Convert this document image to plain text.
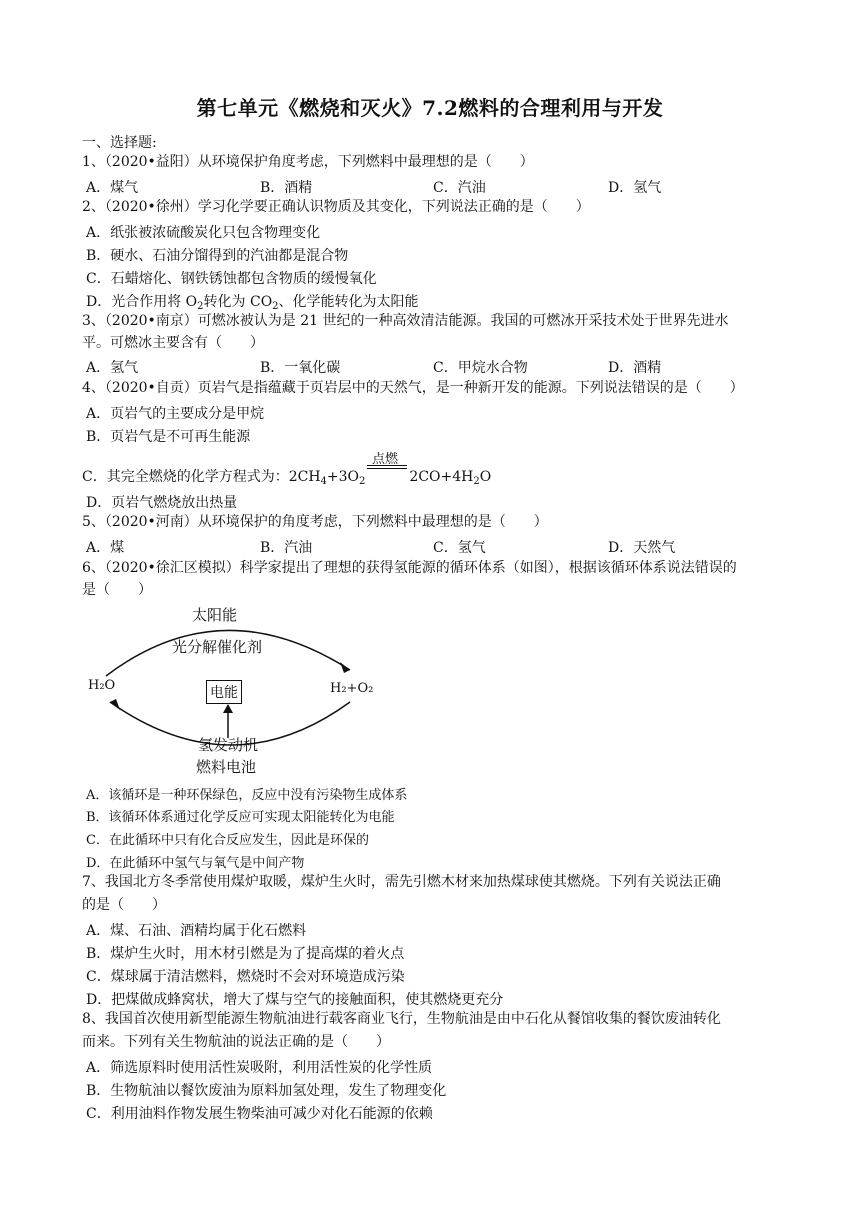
第七单元《燃烧和灭火》7.2燃料的合理利用与开发
一、选择题:
1、（2020•益阳）从环境保护角度考虑，下列燃料中最理想的是（　　）
A．煤气	B．酒精	C．汽油	D．氢气
2、（2020•徐州）学习化学要正确认识物质及其变化，下列说法正确的是（　　）
A．纸张被浓硫酸炭化只包含物理变化
B．硬水、石油分馏得到的汽油都是混合物
C．石蜡熔化、钢铁锈蚀都包含物质的缓慢氧化
D．光合作用将 $O_2$转化为 $CO_2$、化学能转化为太阳能
3、（2020•南京）可燃冰被认为是 21 世纪的一种高效清洁能源。我国的可燃冰开采技术处于世界先进水
平。可燃冰主要含有（　　）
A．氢气	B．一氧化碳	C．甲烷水合物	D．酒精
4、（2020•自贡）页岩气是指蕴藏于页岩层中的天然气，是一种新开发的能源。下列说法错误的是（　　）
A．页岩气的主要成分是甲烷
B．页岩气是不可再生能源
点燃
C．其完全燃烧的化学方程式为：$2CH_4+3O_2$	$2CO+4H_2O$
D．页岩气燃烧放出热量
5、（2020•河南）从环境保护的角度考虑，下列燃料中最理想的是（　　）
A．煤	B．汽油	C．氢气	D．天然气
6、（2020•徐汇区模拟）科学家提出了理想的获得氢能源的循环体系（如图），根据该循环体系说法错误的
是（　　）
太阳能
光分解催化剂
H₂O	H₂+O₂
电能
氢发动机
燃料电池
A．该循环是一种环保绿色，反应中没有污染物生成体系
B．该循环体系通过化学反应可实现太阳能转化为电能
C．在此循环中只有化合反应发生，因此是环保的
D．在此循环中氢气与氧气是中间产物
7、我国北方冬季常使用煤炉取暖，煤炉生火时，需先引燃木材来加热煤球使其燃烧。下列有关说法正确
的是（　　）
A．煤、石油、酒精均属于化石燃料
B．煤炉生火时，用木材引燃是为了提高煤的着火点
C．煤球属于清洁燃料，燃烧时不会对环境造成污染
D．把煤做成蜂窝状，增大了煤与空气的接触面积，使其燃烧更充分
8、我国首次使用新型能源生物航油进行载客商业飞行，生物航油是由中石化从餐馆收集的餐饮废油转化
而来。下列有关生物航油的说法正确的是（　　）
A．筛选原料时使用活性炭吸附，利用活性炭的化学性质
B．生物航油以餐饮废油为原料加氢处理，发生了物理变化
C．利用油料作物发展生物柴油可减少对化石能源的依赖
